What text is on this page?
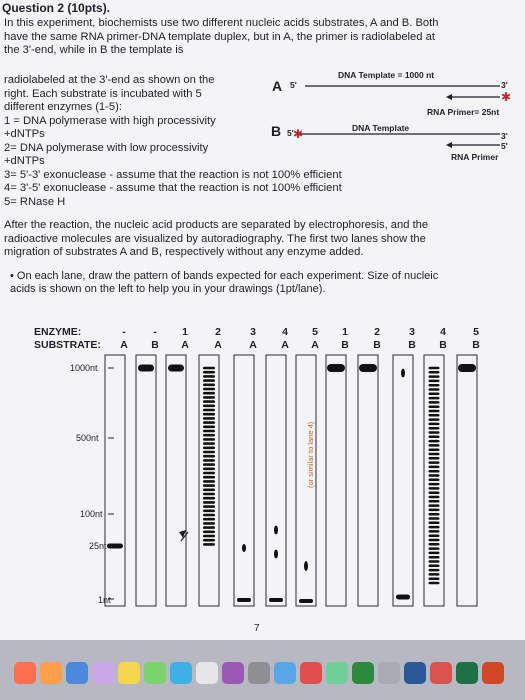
Question 2 (10pts).
In this experiment, biochemists use two different nucleic acids substrates, A and B. Both
have the same RNA primer-DNA template duplex, but in A, the primer is radiolabeled at
the 3'-end, while in B the template is
radiolabeled at the 3'-end as shown on the
right. Each substrate is incubated with 5
different enzymes (1-5):
1 = DNA polymerase with high processivity
+dNTPs
2= DNA polymerase with low processivity
+dNTPs
3= 5'-3' exonuclease - assume that the reaction is not 100% efficient
4= 3'-5' exonuclease - assume that the reaction is not 100% efficient
5= RNase H
After the reaction, the nucleic acid products are separated by electrophoresis, and the
radioactive molecules are visualized by autoradiography. The first two lanes show the
migration of substrates A and B, respectively without any enzyme added.
• On each lane, draw the pattern of bands expected for each experiment. Size of nucleic
acids is shown on the left to help you in your drawings (1pt/lane).
A 5'
DNA Template = 1000 nt
3'
RNA Primer= 25nt
B 5'	DNA Template
3'
5'
RNA Primer
ENZYME:
SUBSTRATE:
-
A
-
B
1
A
2
A
3
A
4
A
5
A
1
B
2
B
3
B
4
B
5
B
1000nt
500nt
100nt
25nt
1nt
(or similar to lane 4)
7
✱
✱
